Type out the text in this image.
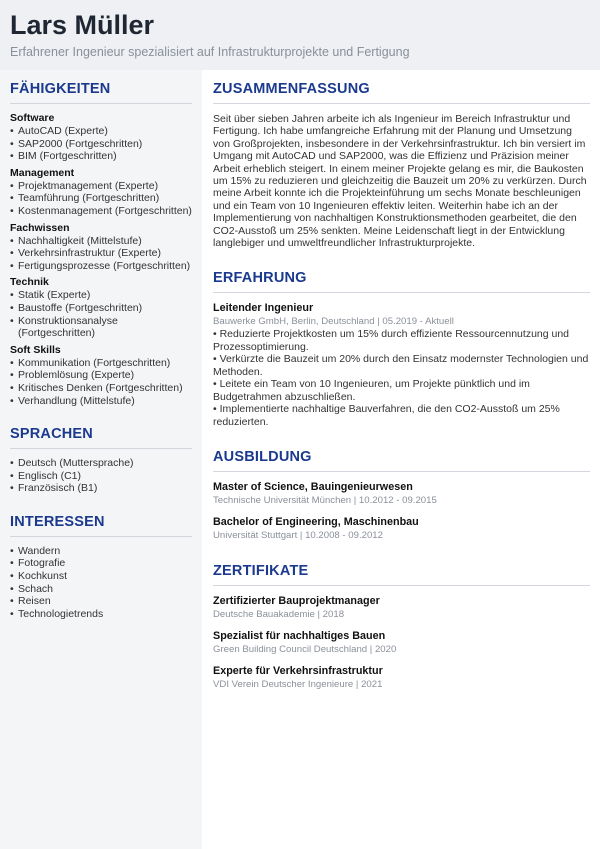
Lars Müller
Erfahrener Ingenieur spezialisiert auf Infrastrukturprojekte und Fertigung
FÄHIGKEITEN
Software
• AutoCAD (Experte)
• SAP2000 (Fortgeschritten)
• BIM (Fortgeschritten)
Management
• Projektmanagement (Experte)
• Teamführung (Fortgeschritten)
• Kostenmanagement (Fortgeschritten)
Fachwissen
• Nachhaltigkeit (Mittelstufe)
• Verkehrsinfrastruktur (Experte)
• Fertigungsprozesse (Fortgeschritten)
Technik
• Statik (Experte)
• Baustoffe (Fortgeschritten)
• Konstruktionsanalyse (Fortgeschritten)
Soft Skills
• Kommunikation (Fortgeschritten)
• Problemlösung (Experte)
• Kritisches Denken (Fortgeschritten)
• Verhandlung (Mittelstufe)
SPRACHEN
• Deutsch (Muttersprache)
• Englisch (C1)
• Französisch (B1)
INTERESSEN
• Wandern
• Fotografie
• Kochkunst
• Schach
• Reisen
• Technologietrends
ZUSAMMENFASSUNG
Seit über sieben Jahren arbeite ich als Ingenieur im Bereich Infrastruktur und Fertigung. Ich habe umfangreiche Erfahrung mit der Planung und Umsetzung von Großprojekten, insbesondere in der Verkehrsinfrastruktur. Ich bin versiert im Umgang mit AutoCAD und SAP2000, was die Effizienz und Präzision meiner Arbeit erheblich steigert. In einem meiner Projekte gelang es mir, die Baukosten um 15% zu reduzieren und gleichzeitig die Bauzeit um 20% zu verkürzen. Durch meine Arbeit konnte ich die Projekteinführung um sechs Monate beschleunigen und ein Team von 10 Ingenieuren effektiv leiten. Weiterhin habe ich an der Implementierung von nachhaltigen Konstruktionsmethoden gearbeitet, die den CO2-Ausstoß um 25% senkten. Meine Leidenschaft liegt in der Entwicklung langlebiger und umweltfreundlicher Infrastrukturprojekte.
ERFAHRUNG
Leitender Ingenieur
Bauwerke GmbH, Berlin, Deutschland | 05.2019 - Aktuell
• Reduzierte Projektkosten um 15% durch effiziente Ressourcennutzung und Prozessoptimierung.
• Verkürzte die Bauzeit um 20% durch den Einsatz modernster Technologien und Methoden.
• Leitete ein Team von 10 Ingenieuren, um Projekte pünktlich und im Budgetrahmen abzuschließen.
• Implementierte nachhaltige Bauverfahren, die den CO2-Ausstoß um 25% reduzierten.
AUSBILDUNG
Master of Science, Bauingenieurwesen
Technische Universität München | 10.2012 - 09.2015
Bachelor of Engineering, Maschinenbau
Universität Stuttgart | 10.2008 - 09.2012
ZERTIFIKATE
Zertifizierter Bauprojektmanager
Deutsche Bauakademie | 2018
Spezialist für nachhaltiges Bauen
Green Building Council Deutschland | 2020
Experte für Verkehrsinfrastruktur
VDI Verein Deutscher Ingenieure | 2021
